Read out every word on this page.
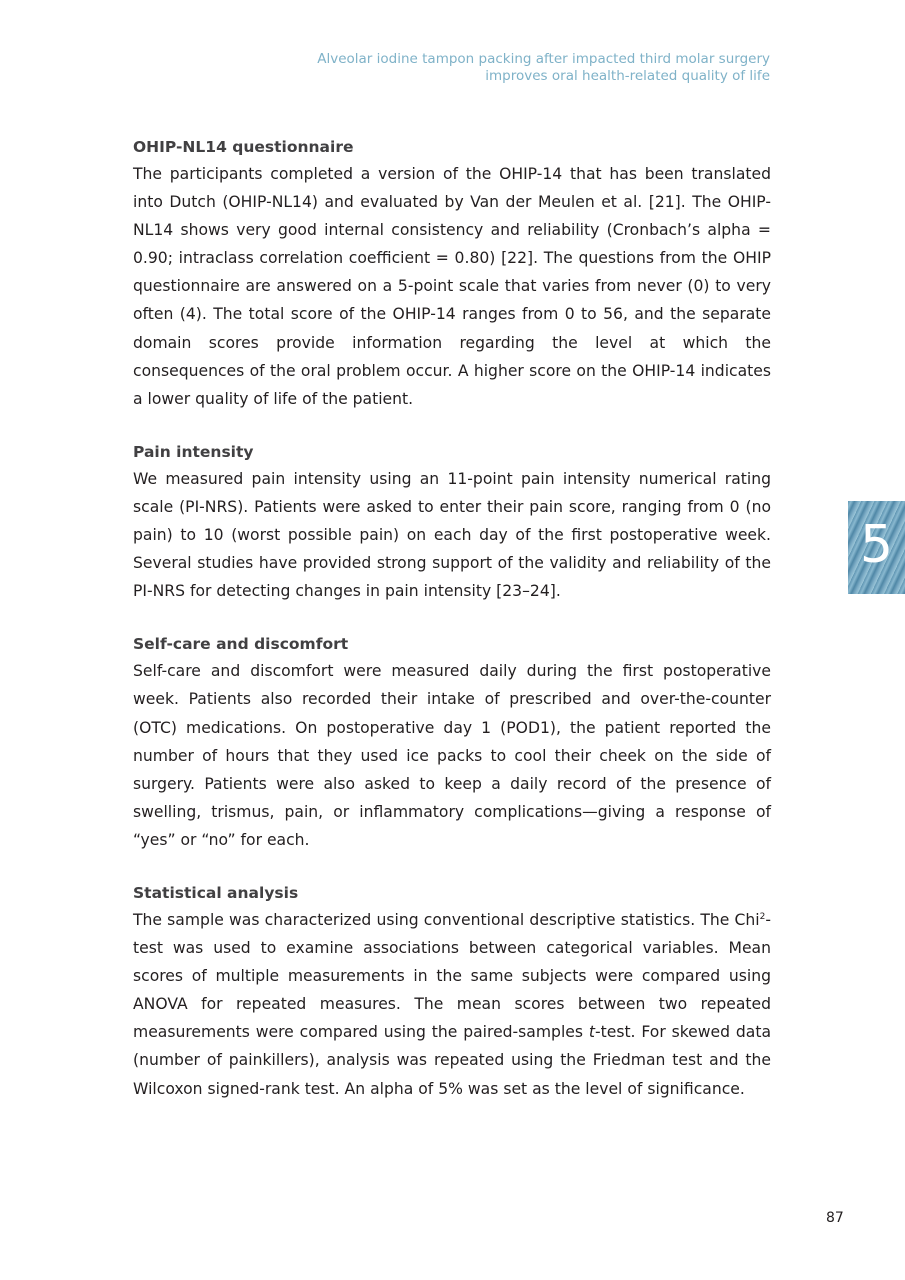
Alveolar iodine tampon packing after impacted third molar surgery
improves oral health-related quality of life
OHIP-NL14 questionnaire

The participants completed a version of the OHIP-14 that has been translated into Dutch (OHIP-NL14) and evaluated by Van der Meulen et al. [21]. The OHIP-NL14 shows very good internal consistency and reliability (Cronbach’s alpha = 0.90; intraclass correlation coefficient = 0.80) [22]. The questions from the OHIP questionnaire are answered on a 5-point scale that varies from never (0) to very often (4). The total score of the OHIP-14 ranges from 0 to 56, and the separate domain scores provide information regarding the level at which the consequences of the oral problem occur. A higher score on the OHIP-14 indicates a lower quality of life of the patient.

Pain intensity

We measured pain intensity using an 11-point pain intensity numerical rating scale (PI-NRS). Patients were asked to enter their pain score, ranging from 0 (no pain) to 10 (worst possible pain) on each day of the first postoperative week. Several studies have provided strong support of the validity and reliability of the PI-NRS for detecting changes in pain intensity [23–24].

Self-care and discomfort

Self-care and discomfort were measured daily during the first postoperative week. Patients also recorded their intake of prescribed and over-the-counter (OTC) medications. On postoperative day 1 (POD1), the patient reported the number of hours that they used ice packs to cool their cheek on the side of surgery. Patients were also asked to keep a daily record of the presence of swelling, trismus, pain, or inflammatory complications—giving a response of “yes” or “no” for each.

Statistical analysis

The sample was characterized using conventional descriptive statistics. The Chi$^2$-test was used to examine associations between categorical variables. Mean scores of multiple measurements in the same subjects were compared using ANOVA for repeated measures. The mean scores between two repeated measurements were compared using the paired-samples t-test. For skewed data (number of painkillers), analysis was repeated using the Friedman test and the Wilcoxon signed-rank test. An alpha of 5% was set as the level of significance.

5
87
